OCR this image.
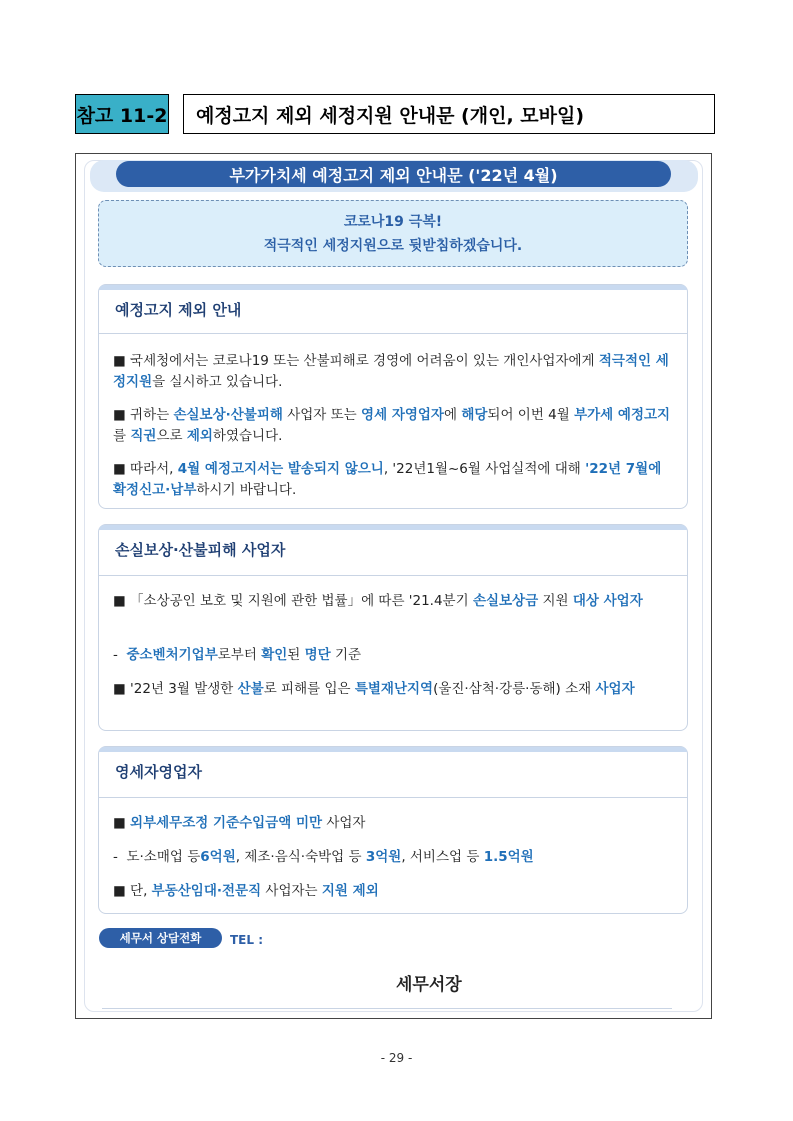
참고 11-2	예정고지 제외 세정지원 안내문 (개인, 모바일)
부가가치세 예정고지 제외 안내문 ('22년 4월)
코로나19 극복!
적극적인 세정지원으로 뒷받침하겠습니다.
예정고지 제외 안내
■ 국세청에서는 코로나19 또는 산불피해로 경영에 어려움이 있는 개인사업자에게 적극적인 세정지원을 실시하고 있습니다.
■ 귀하는 손실보상·산불피해 사업자 또는 영세 자영업자에 해당되어 이번 4월 부가세 예정고지를 직권으로 제외하였습니다.
■ 따라서, 4월 예정고지서는 발송되지 않으니, '22년1월~6월 사업실적에 대해 '22년 7월에 확정신고·납부하시기 바랍니다.
손실보상·산불피해 사업자
■ 「소상공인 보호 및 지원에 관한 법률」에 따른 '21.4분기 손실보상금 지원 대상 사업자
- 중소벤처기업부로부터 확인된 명단 기준
■ '22년 3월 발생한 산불로 피해를 입은 특별재난지역(울진·삼척·강릉·동해) 소재 사업자
영세자영업자
■ 외부세무조정 기준수입금액 미만 사업자
- 도·소매업 등6억원, 제조·음식·숙박업 등 3억원, 서비스업 등 1.5억원
■ 단, 부동산임대·전문직 사업자는 지원 제외
세무서 상담전화	TEL :
세무서장
- 29 -
